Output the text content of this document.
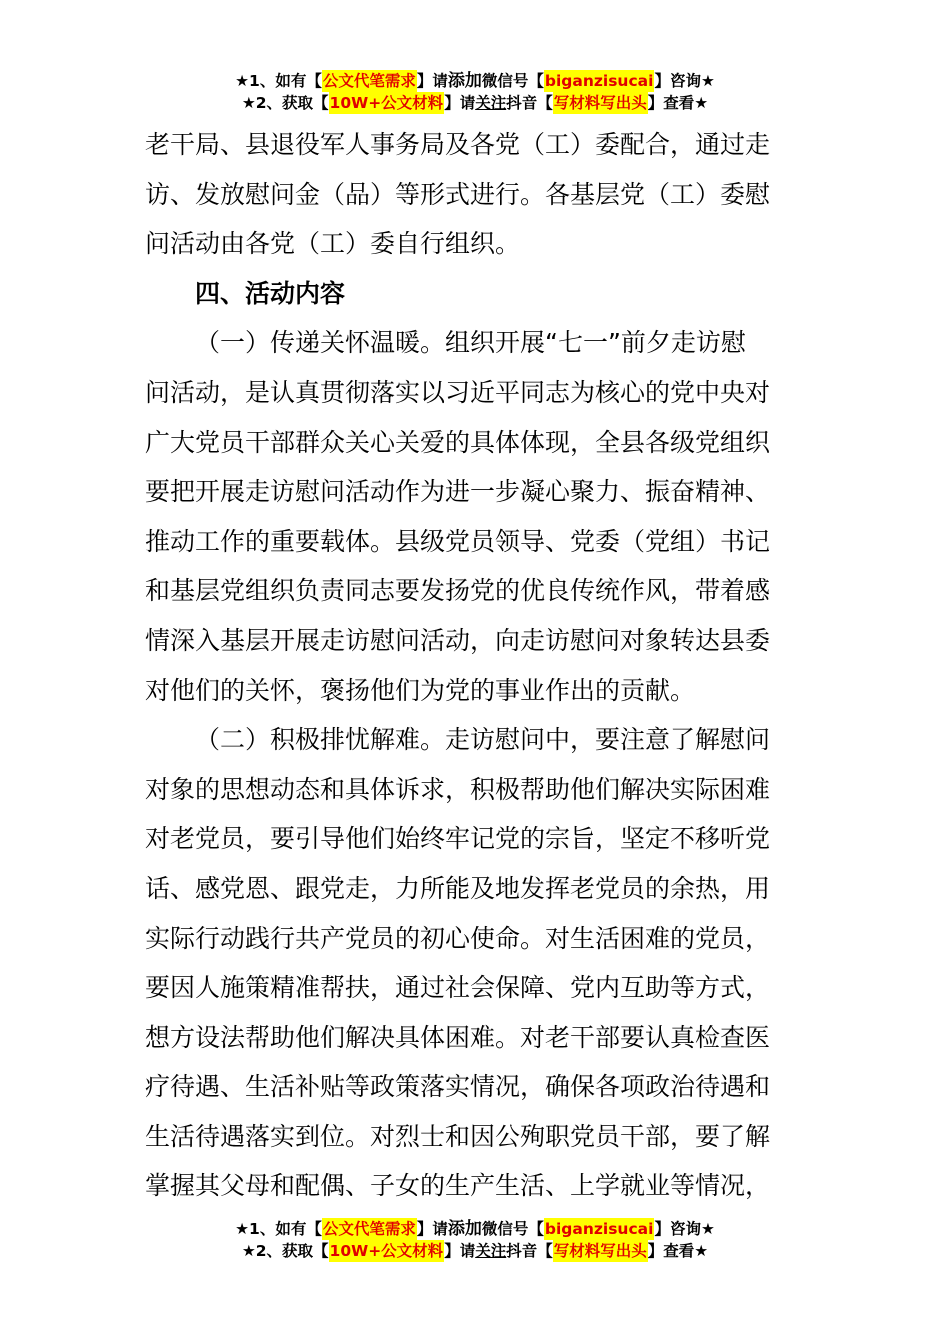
★1、如有【 公文代笔需求 】请 添加 微信号【 biganzisucai 】咨询★
★2、获取【 10W+公文材料 】请 关注 抖音【 写材料写出头 】查看★

老干局、县退役军人事务局及各党（工）委配合，通过走

访、发放慰问金（品）等形式进行。各基层党（工）委慰

问活动由各党（工）委自行组织。

四、活动内容

（一）传递关怀温暖。组织开展“七一”前夕走访慰

问活动，是认真贯彻落实以习近平同志为核心的党中央对

广大党员干部群众关心关爱的具体体现，全县各级党组织

要把开展走访慰问活动作为进一步凝心聚力、振奋精神、

推动工作的重要载体。县级党员领导、党委（党组）书记

和基层党组织负责同志要发扬党的优良传统作风，带着感

情深入基层开展走访慰问活动，向走访慰问对象转达县委

对他们的关怀，褒扬他们为党的事业作出的贡献。

（二）积极排忧解难。走访慰问中，要注意了解慰问

对象的思想动态和具体诉求，积极帮助他们解决实际困难

对老党员，要引导他们始终牢记党的宗旨，坚定不移听党

话、感党恩、跟党走，力所能及地发挥老党员的余热，用

实际行动践行共产党员的初心使命。对生活困难的党员，

要因人施策精准帮扶，通过社会保障、党内互助等方式，

想方设法帮助他们解决具体困难。对老干部要认真检查医

疗待遇、生活补贴等政策落实情况，确保各项政治待遇和

生活待遇落实到位。对烈士和因公殉职党员干部，要了解

掌握其父母和配偶、子女的生产生活、上学就业等情况，

★1、如有【 公文代笔需求 】请 添加 微信号【 biganzisucai 】咨询★
★2、获取【 10W+公文材料 】请 关注 抖音【 写材料写出头 】查看★
